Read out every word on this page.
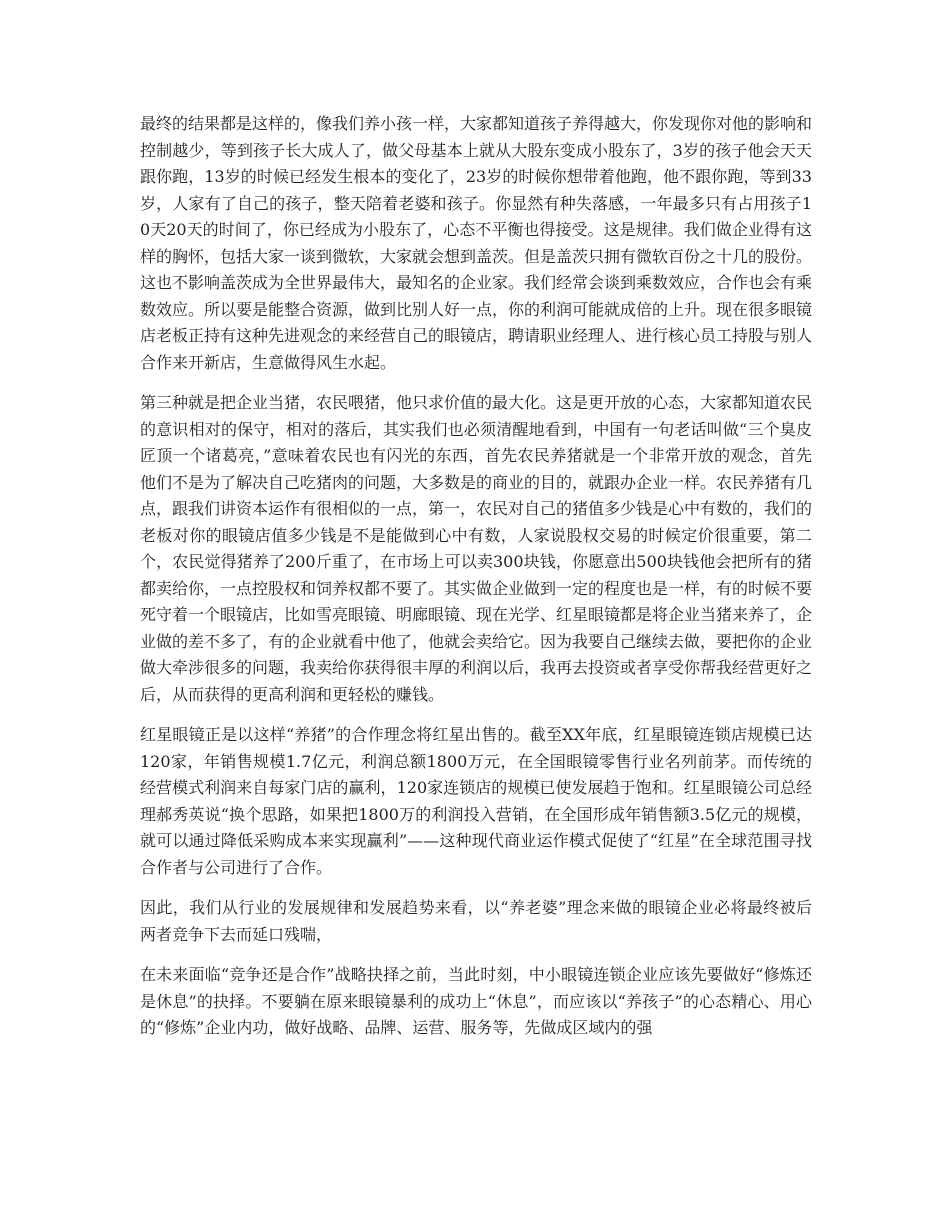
最终的结果都是这样的，像我们养小孩一样，大家都知道孩子养得越大，你发现你对他的影响和控制越少，等到孩子长大成人了，做父母基本上就从大股东变成小股东了，3岁的孩子他会天天跟你跑，13岁的时候已经发生根本的变化了，23岁的时候你想带着他跑，他不跟你跑，等到33岁，人家有了自己的孩子，整天陪着老婆和孩子。你显然有种失落感，一年最多只有占用孩子10天20天的时间了，你已经成为小股东了，心态不平衡也得接受。这是规律。我们做企业得有这样的胸怀，包括大家一谈到微软，大家就会想到盖茨。但是盖茨只拥有微软百份之十几的股份。这也不影响盖茨成为全世界最伟大，最知名的企业家。我们经常会谈到乘数效应，合作也会有乘数效应。所以要是能整合资源，做到比别人好一点，你的利润可能就成倍的上升。现在很多眼镜店老板正持有这种先进观念的来经营自己的眼镜店，聘请职业经理人、进行核心员工持股与别人合作来开新店，生意做得风生水起。

第三种就是把企业当猪，农民喂猪，他只求价值的最大化。这是更开放的心态，大家都知道农民的意识相对的保守，相对的落后，其实我们也必须清醒地看到，中国有一句老话叫做“三个臭皮匠顶一个诸葛亮，”意味着农民也有闪光的东西，首先农民养猪就是一个非常开放的观念，首先他们不是为了解决自己吃猪肉的问题，大多数是的商业的目的，就跟办企业一样。农民养猪有几点，跟我们讲资本运作有很相似的一点，第一，农民对自己的猪值多少钱是心中有数的，我们的老板对你的眼镜店值多少钱是不是能做到心中有数，人家说股权交易的时候定价很重要，第二个，农民觉得猪养了200斤重了，在市场上可以卖300块钱，你愿意出500块钱他会把所有的猪都卖给你，一点控股权和饲养权都不要了。其实做企业做到一定的程度也是一样，有的时候不要死守着一个眼镜店，比如雪亮眼镜、明廊眼镜、现在光学、红星眼镜都是将企业当猪来养了，企业做的差不多了，有的企业就看中他了，他就会卖给它。因为我要自己继续去做，要把你的企业做大牵涉很多的问题，我卖给你获得很丰厚的利润以后，我再去投资或者享受你帮我经营更好之后，从而获得的更高利润和更轻松的赚钱。

红星眼镜正是以这样“养猪”的合作理念将红星出售的。截至XX年底，红星眼镜连锁店规模已达120家，年销售规模1.7亿元，利润总额1800万元，在全国眼镜零售行业名列前茅。而传统的经营模式利润来自每家门店的赢利，120家连锁店的规模已使发展趋于饱和。红星眼镜公司总经理郝秀英说“换个思路，如果把1800万的利润投入营销，在全国形成年销售额3.5亿元的规模，就可以通过降低采购成本来实现赢利”——这种现代商业运作模式促使了“红星”在全球范围寻找合作者与公司进行了合作。

因此，我们从行业的发展规律和发展趋势来看，以“养老婆”理念来做的眼镜企业必将最终被后两者竞争下去而延口残喘，

在未来面临“竞争还是合作”战略抉择之前，当此时刻，中小眼镜连锁企业应该先要做好“修炼还是休息”的抉择。不要躺在原来眼镜暴利的成功上“休息”，而应该以“养孩子”的心态精心、用心的“修炼”企业内功，做好战略、品牌、运营、服务等，先做成区域内的强
